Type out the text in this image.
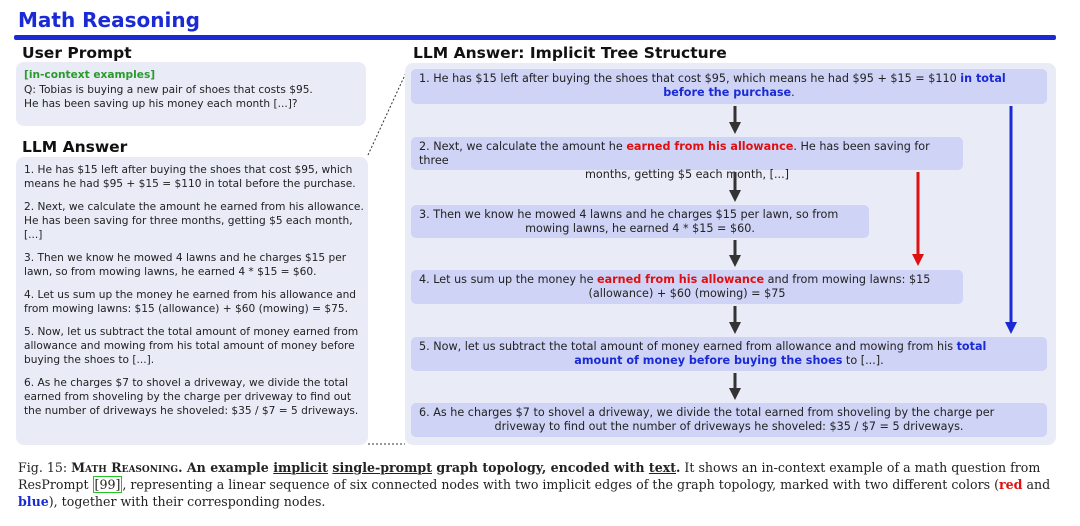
Math Reasoning
User Prompt
[in-context examples]
Q: Tobias is buying a new pair of shoes that costs $95.
He has been saving up his money each month [...]?
LLM Answer

1. He has $15 left after buying the shoes that cost $95, which means he had $95 + $15 = $110 in total before the purchase.

2. Next, we calculate the amount he earned from his allowance. He has been saving for three months, getting $5 each month, [...]

3. Then we know he mowed 4 lawns and he charges $15 per lawn, so from mowing lawns, he earned 4 * $15 = $60.

4. Let us sum up the money he earned from his allowance and from mowing lawns: $15 (allowance) + $60 (mowing) = $75.

5. Now, let us subtract the total amount of money earned from allowance and mowing from his total amount of money before buying the shoes to [...].

6. As he charges $7 to shovel a driveway, we divide the total earned from shoveling by the charge per driveway to find out the number of driveways he shoveled: $35 / $7 = 5 driveways.

LLM Answer: Implicit Tree Structure
1. He has $15 left after buying the shoes that cost $95, which means he had $95 + $15 = $110 in total
before the purchase.
2. Next, we calculate the amount he earned from his allowance. He has been saving for three
months, getting $5 each month, [...]
3. Then we know he mowed 4 lawns and he charges $15 per lawn, so from
mowing lawns, he earned 4 * $15 = $60.
4. Let us sum up the money he earned from his allowance and from mowing lawns: $15
(allowance) + $60 (mowing) = $75
5. Now, let us subtract the total amount of money earned from allowance and mowing from his total
amount of money before buying the shoes to [...].
6. As he charges $7 to shovel a driveway, we divide the total earned from shoveling by the charge per
driveway to find out the number of driveways he shoveled: $35 / $7 = 5 driveways.
Fig. 15: Math Reasoning. An example implicit single-prompt graph topology, encoded with text. It shows an in-context example of a math question from ResPrompt [99] , representing a linear sequence of six connected nodes with two implicit edges of the graph topology, marked with two different colors (red and blue), together with their corresponding nodes.
